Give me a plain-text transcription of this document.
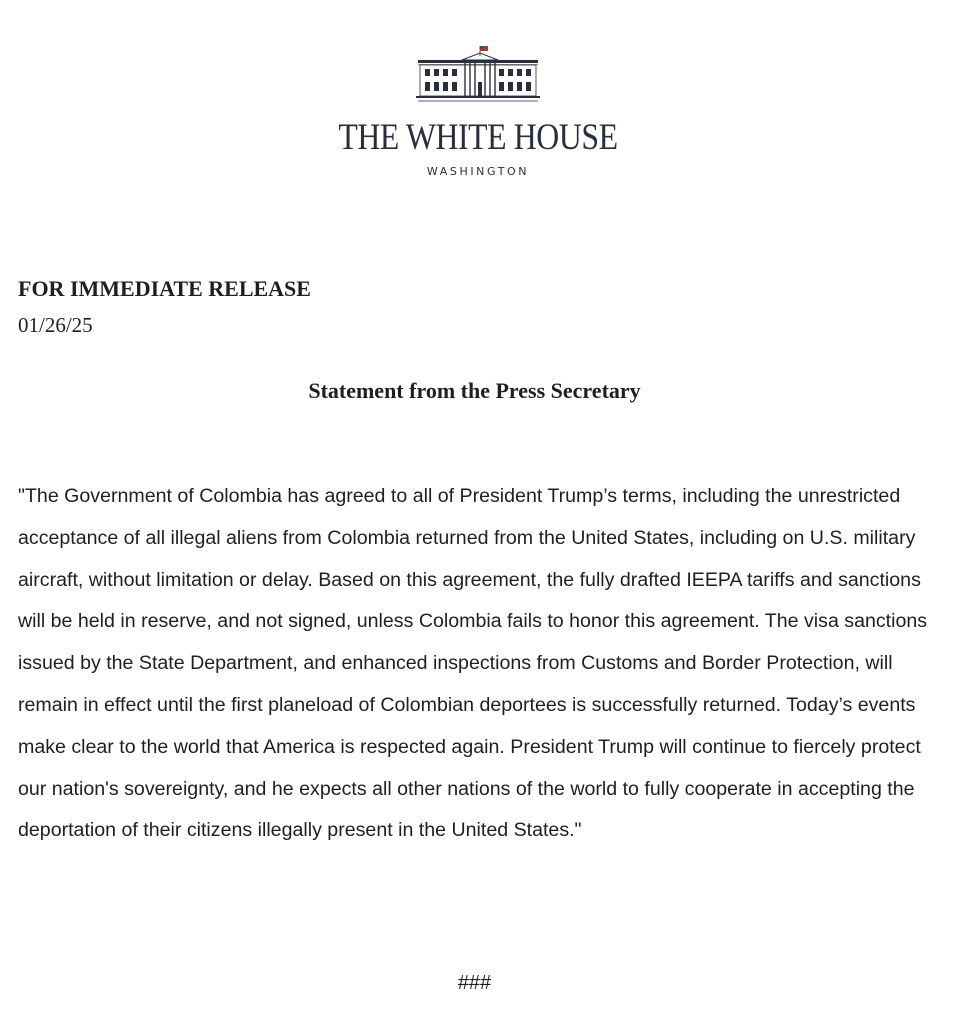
THE WHITE HOUSE
WASHINGTON
FOR IMMEDIATE RELEASE
01/26/25
Statement from the Press Secretary

"The Government of Colombia has agreed to all of President Trump’s terms, including the unrestricted acceptance of all illegal aliens from Colombia returned from the United States, including on U.S. military aircraft, without limitation or delay. Based on this agreement, the fully drafted IEEPA tariffs and sanctions will be held in reserve, and not signed, unless Colombia fails to honor this agreement. The visa sanctions issued by the State Department, and enhanced inspections from Customs and Border Protection, will remain in effect until the first planeload of Colombian deportees is successfully returned. Today’s events make clear to the world that America is respected again. President Trump will continue to fiercely protect our nation's sovereignty, and he expects all other nations of the world to fully cooperate in accepting the deportation of their citizens illegally present in the United States."

###
